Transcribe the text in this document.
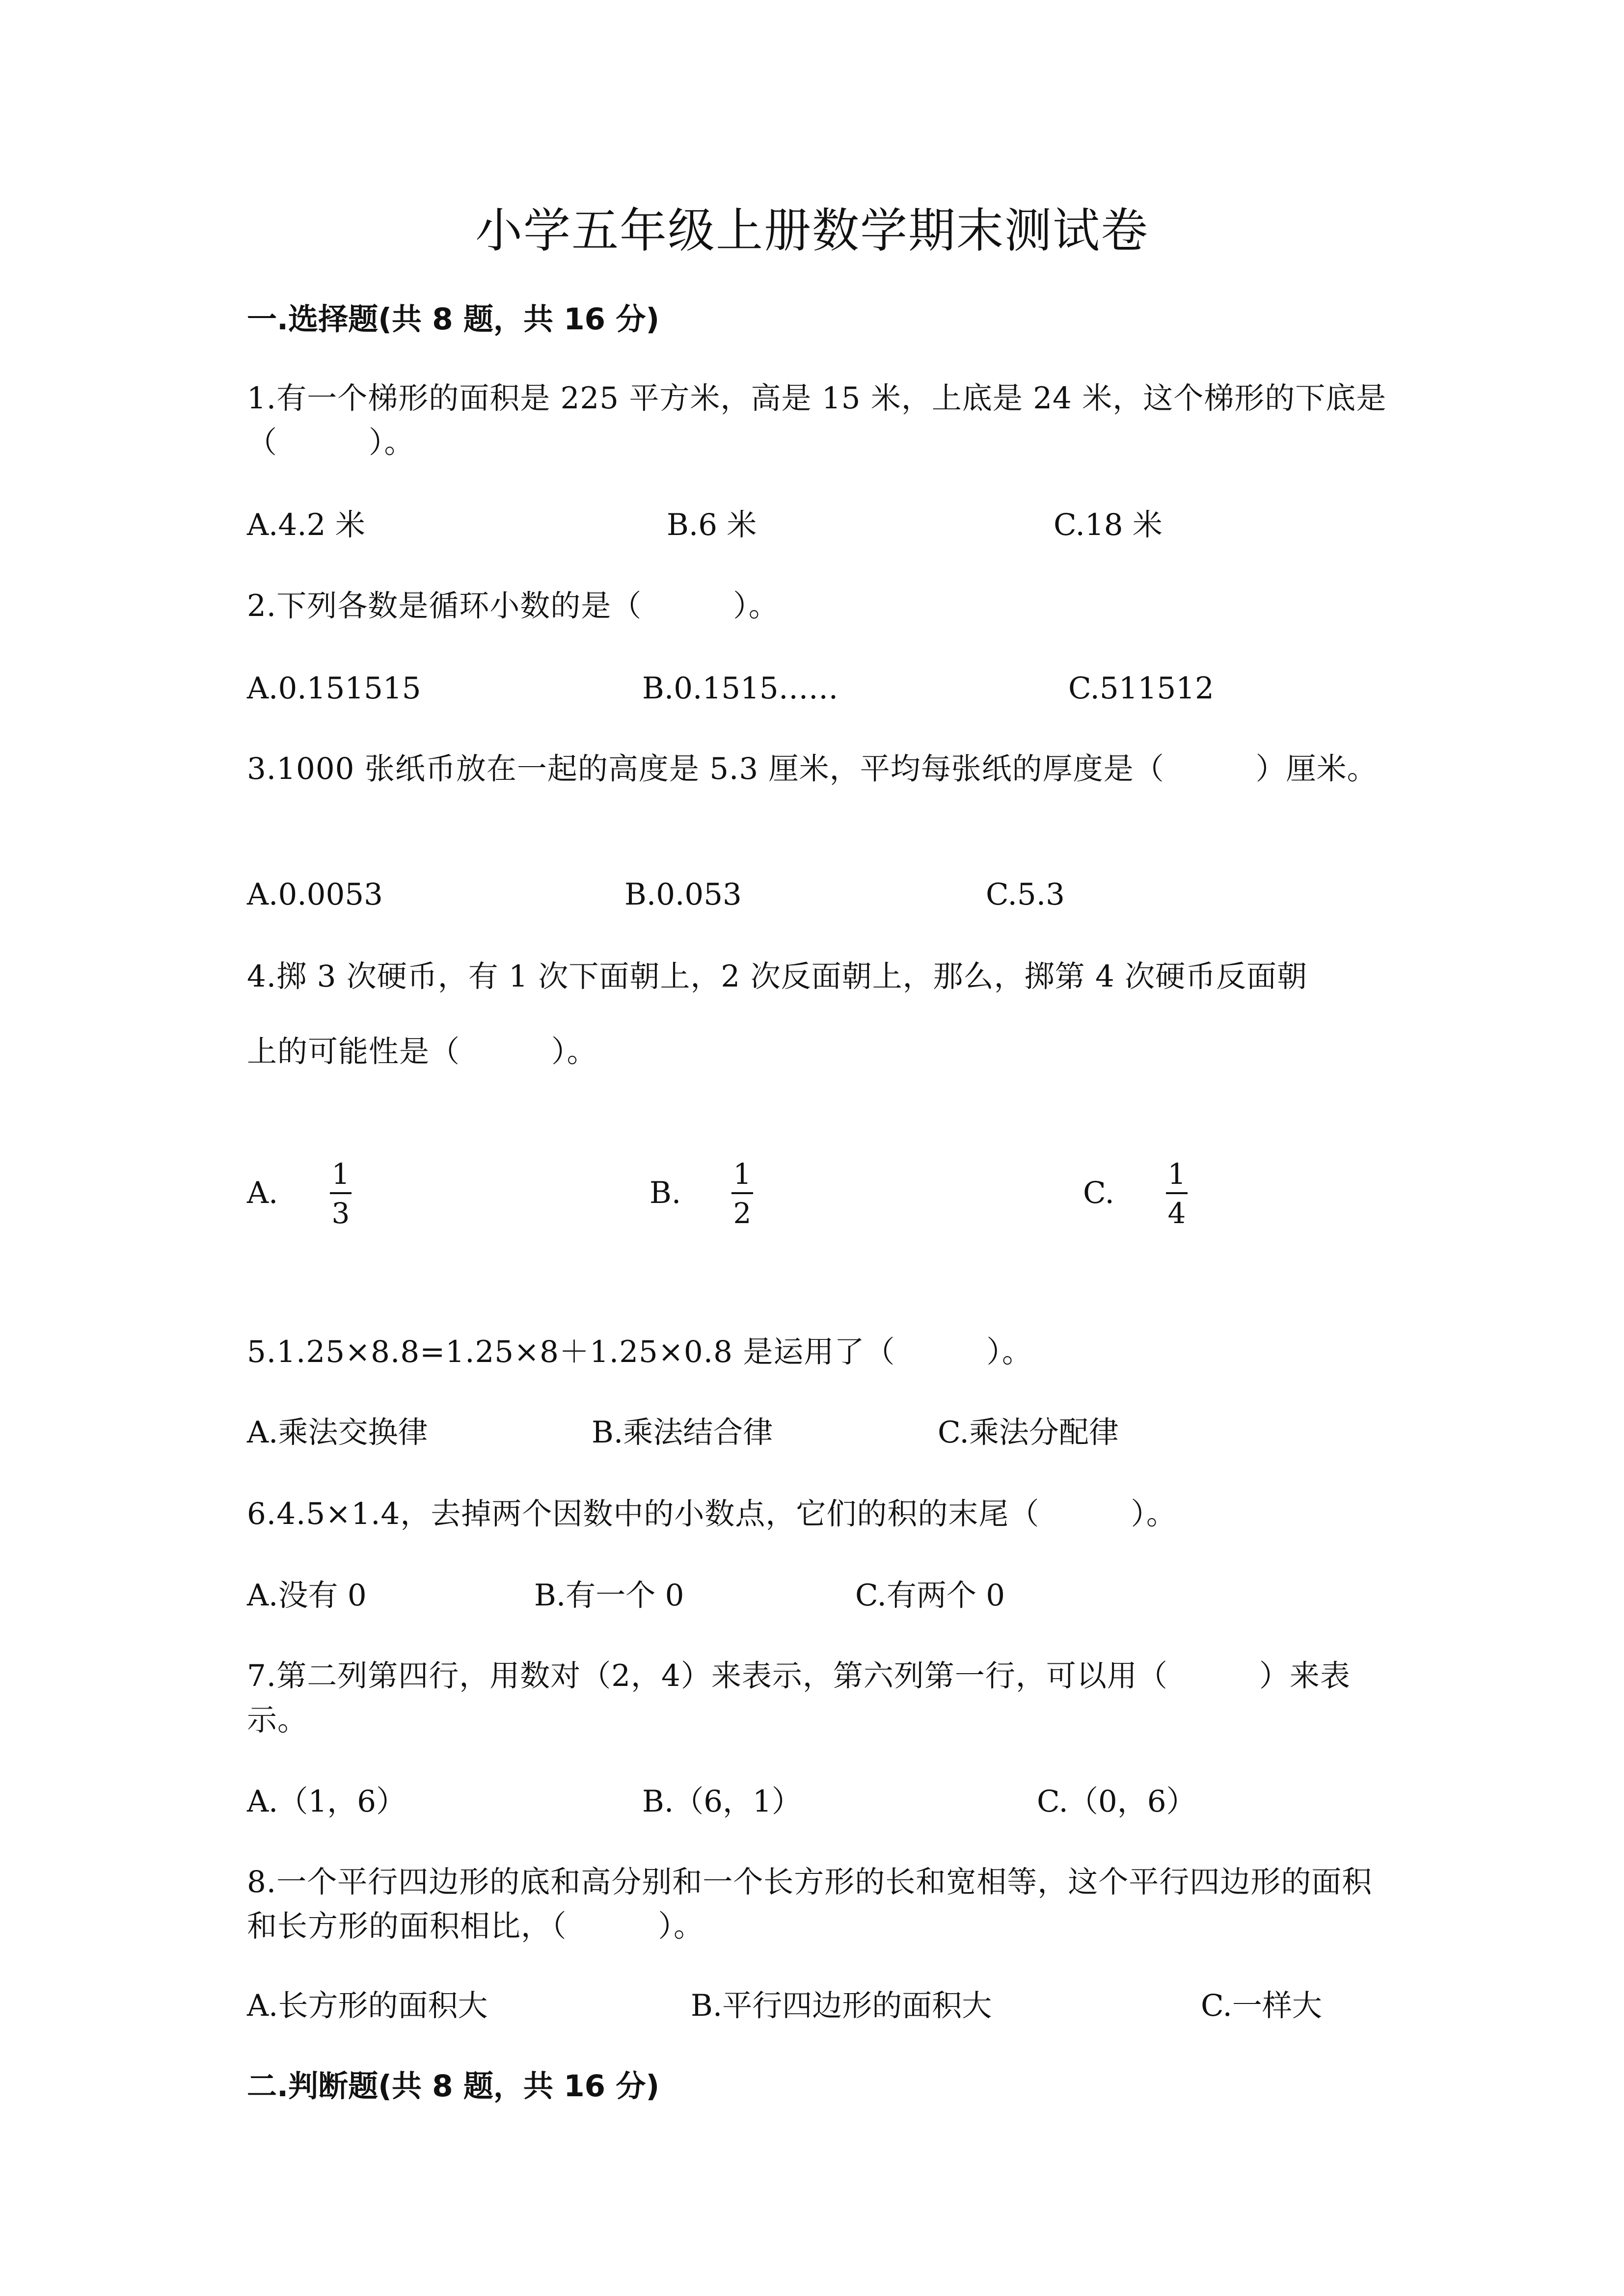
小学五年级上册数学期末测试卷
一.选择题(共 8 题，共 16 分)
1.有一个梯形的面积是 225 平方米，高是 15 米，上底是 24 米，这个梯形的下底是（　　　）。
A.4.2 米	B.6 米	C.18 米
2.下列各数是循环小数的是（　　　）。
A.0.151515	B.0.1515……	C.511512
3.1000 张纸币放在一起的高度是 5.3 厘米，平均每张纸的厚度是（　　　）厘米。
A.0.0053	B.0.053	C.5.3
4.掷 3 次硬币，有 1 次下面朝上，2 次反面朝上，那么，掷第 4 次硬币反面朝
上的可能性是（　　　）。
A.
1
3
B.
1
2
C.
1
4
5.1.25×8.8=1.25×8＋1.25×0.8 是运用了（　　　）。
A.乘法交换律	B.乘法结合律	C.乘法分配律
6.4.5×1.4，去掉两个因数中的小数点，它们的积的末尾（　　　）。
A.没有 0	B.有一个 0	C.有两个 0
7.第二列第四行，用数对（2，4）来表示，第六列第一行，可以用（　　　）来表示。
A.（1，6）	B.（6，1）	C.（0，6）
8.一个平行四边形的底和高分别和一个长方形的长和宽相等，这个平行四边形的面积和长方形的面积相比，（　　　）。
A.长方形的面积大	B.平行四边形的面积大	C.一样大
二.判断题(共 8 题，共 16 分)
